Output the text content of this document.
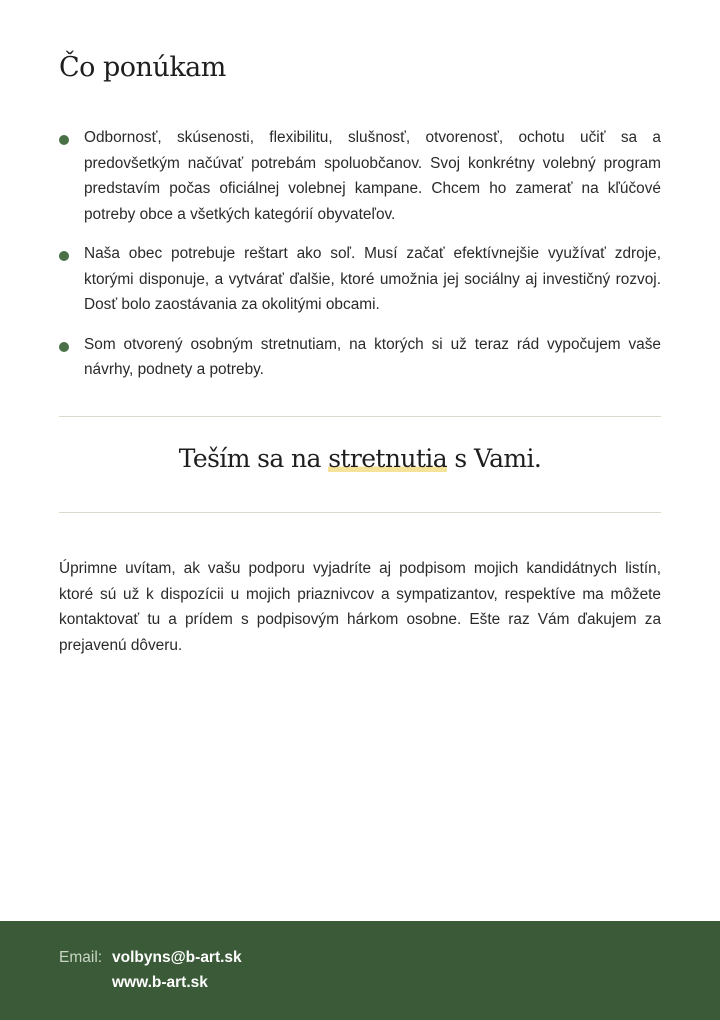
Čo ponúkam
Odbornosť, skúsenosti, flexibilitu, slušnosť, otvorenosť, ochotu učiť sa a predovšetkým načúvať potrebám spoluobčanov. Svoj konkrétny volebný program predstavím počas oficiálnej volebnej kampane. Chcem ho zamerať na kľúčové potreby obce a všetkých kategórií obyvateľov.
Naša obec potrebuje reštart ako soľ. Musí začať efektívnejšie využívať zdroje, ktorými disponuje, a vytvárať ďalšie, ktoré umožnia jej sociálny aj investičný rozvoj. Dosť bolo zaostávania za okolitými obcami.
Som otvorený osobným stretnutiam, na ktorých si už teraz rád vypočujem vaše návrhy, podnety a potreby.
Teším sa na stretnutia s Vami.

Úprimne uvítam, ak vašu podporu vyjadríte aj podpisom mojich kandidátnych listín, ktoré sú už k dispozícii u mojich priaznivcov a sympatizantov, respektíve ma môžete kontaktovať tu a prídem s podpisovým hárkom osobne. Ešte raz Vám ďakujem za prejavenú dôveru.

Email: volbyns@b-art.sk
www.b-art.sk
